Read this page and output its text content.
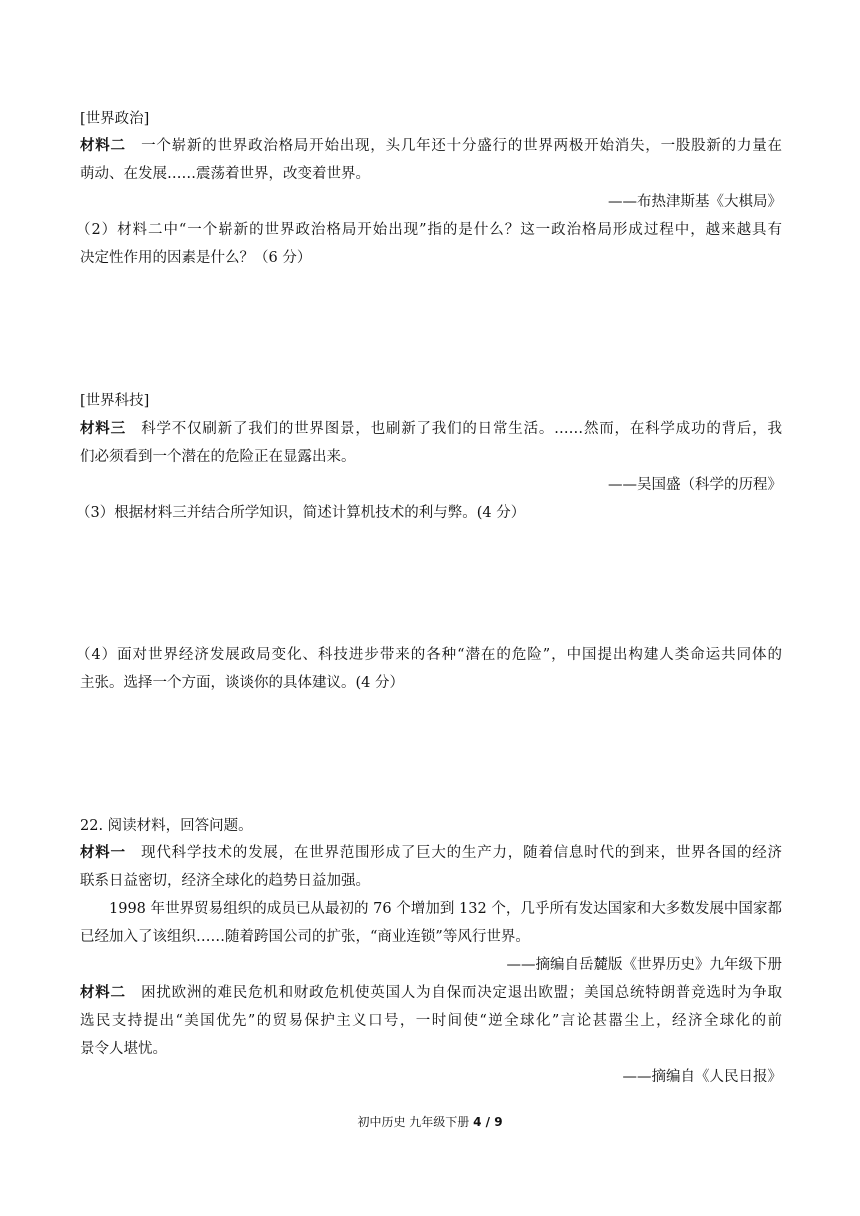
[世界政治]
材料二　 一个崭新的世界政治格局开始出现，头几年还十分盛行的世界两极开始消失，一股股新的力量在
萌动、在发展……震荡着世界，改变着世界。
——布热津斯基《大棋局》
（2）材料二中“一个崭新的世界政治格局开始出现”指的是什么？这一政治格局形成过程中，越来越具有
决定性作用的因素是什么？（6 分）
[世界科技]
材料三　 科学不仅刷新了我们的世界图景，也刷新了我们的日常生活。……然而，在科学成功的背后，我
们必须看到一个潜在的危险正在显露出来。
——吴国盛（科学的历程》
（3）根据材料三并结合所学知识，简述计算机技术的利与弊。(4 分）
（4）面对世界经济发展政局变化、科技进步带来的各种“潜在的危险”，中国提出构建人类命运共同体的
主张。选择一个方面，谈谈你的具体建议。(4 分）
22. 阅读材料，回答问题。
材料一　 现代科学技术的发展，在世界范围形成了巨大的生产力，随着信息时代的到来，世界各国的经济
联系日益密切，经济全球化的趋势日益加强。
1998 年世界贸易组织的成员已从最初的 76 个增加到 132 个，几乎所有发达国家和大多数发展中国家都
已经加入了该组织……随着跨国公司的扩张，“商业连锁”等风行世界。
——摘编自岳麓版《世界历史》九年级下册
材料二　 困扰欧洲的难民危机和财政危机使英国人为自保而决定退出欧盟；美国总统特朗普竞选时为争取
选民支持提出“美国优先”的贸易保护主义口号，一时间使“逆全球化”言论甚嚣尘上，经济全球化的前
景令人堪忧。
——摘编自《人民日报》
初中历史 九年级下册 4 / 9
